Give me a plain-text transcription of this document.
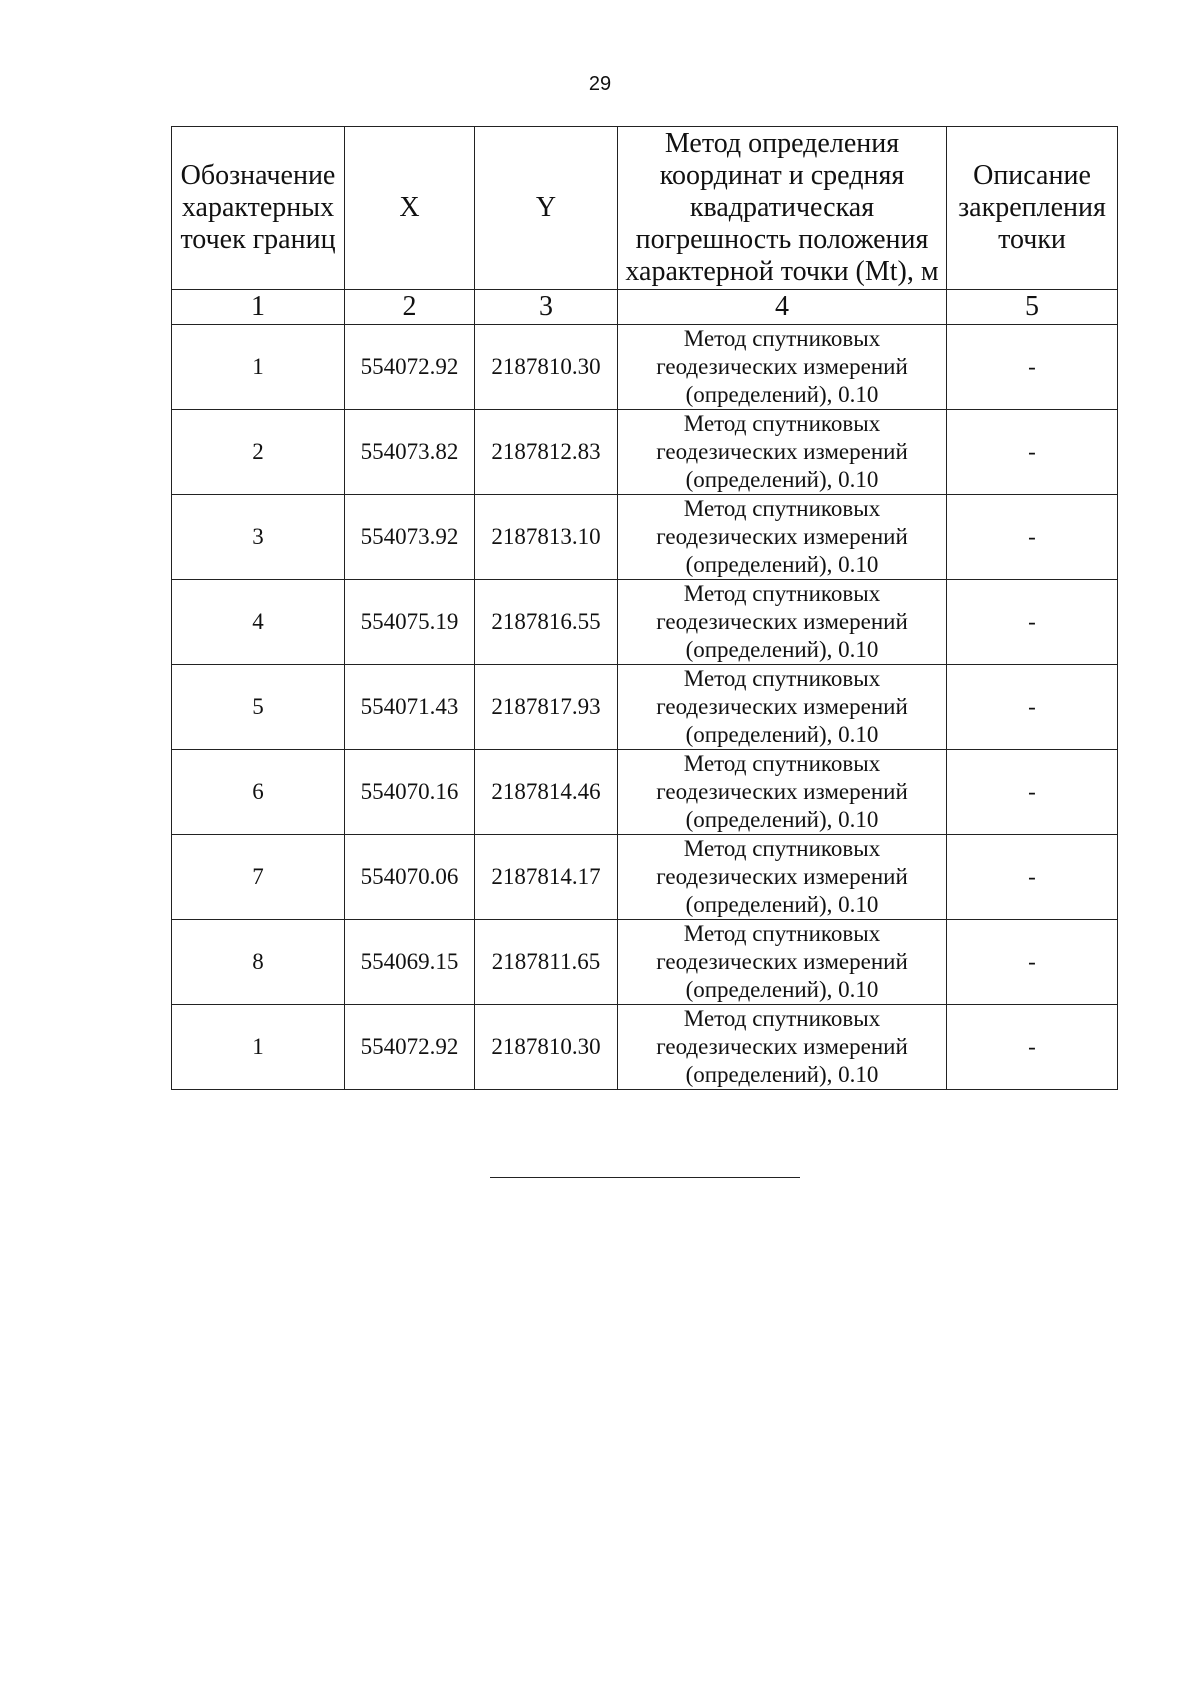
29
Обозначение характерных точек границ	X	Y	Метод определения координат и средняя квадратическая погрешность положения характерной точки (Mt), м	Описание закрепления точки
1	2	3	4	5
1	554072.92	2187810.30	Метод спутниковых геодезических измерений (определений), 0.10	-
2	554073.82	2187812.83	Метод спутниковых геодезических измерений (определений), 0.10	-
3	554073.92	2187813.10	Метод спутниковых геодезических измерений (определений), 0.10	-
4	554075.19	2187816.55	Метод спутниковых геодезических измерений (определений), 0.10	-
5	554071.43	2187817.93	Метод спутниковых геодезических измерений (определений), 0.10	-
6	554070.16	2187814.46	Метод спутниковых геодезических измерений (определений), 0.10	-
7	554070.06	2187814.17	Метод спутниковых геодезических измерений (определений), 0.10	-
8	554069.15	2187811.65	Метод спутниковых геодезических измерений (определений), 0.10	-
1	554072.92	2187810.30	Метод спутниковых геодезических измерений (определений), 0.10	-
